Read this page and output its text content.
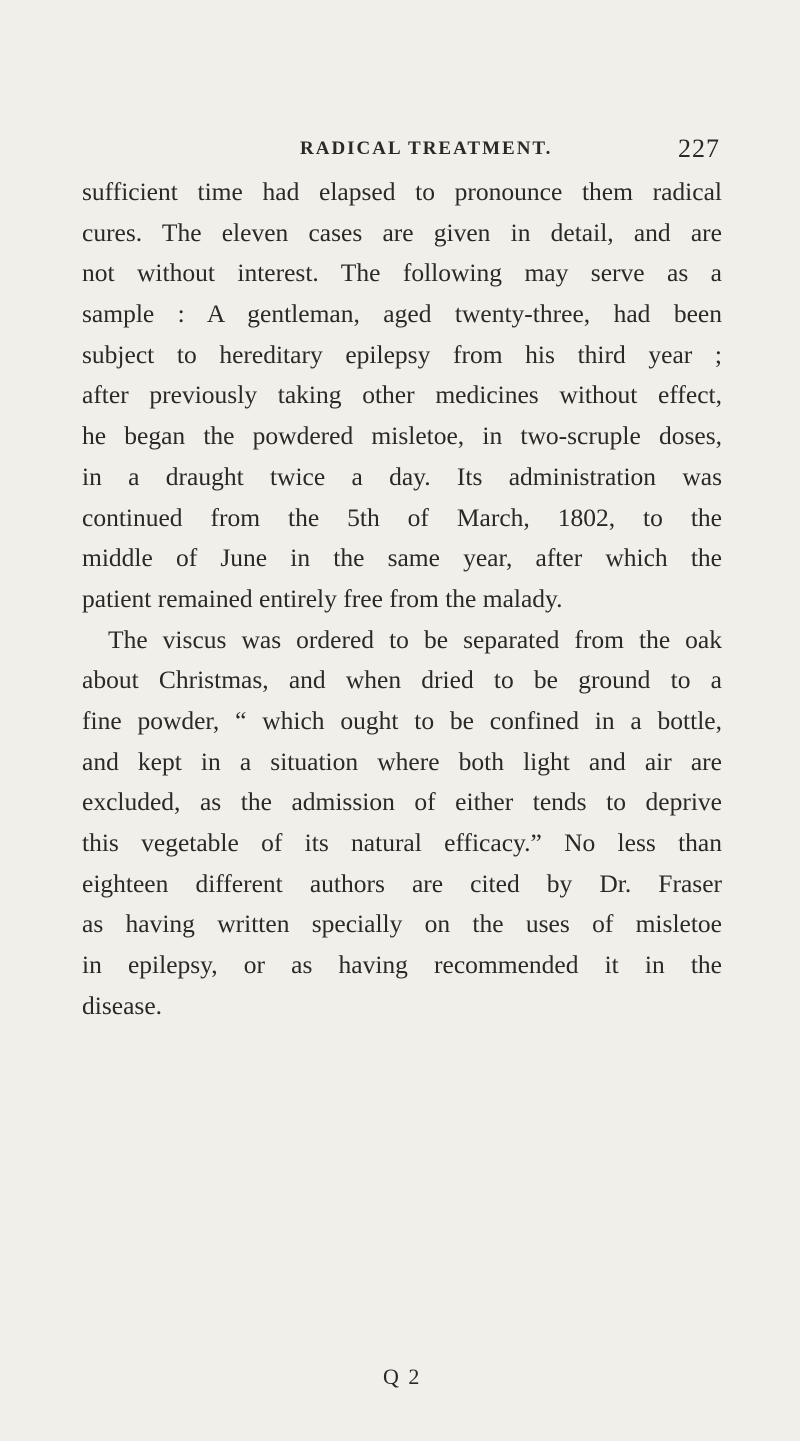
RADICAL TREATMENT.	227
sufficient time had elapsed to pronounce them radical
cures. The eleven cases are given in detail, and are
not without interest. The following may serve as a
sample : A gentleman, aged twenty-three, had been
subject to hereditary epilepsy from his third year ;
after previously taking other medicines without effect,
he began the powdered misletoe, in two-scruple doses,
in a draught twice a day. Its administration was
continued from the 5th of March, 1802, to the
middle of June in the same year, after which the
patient remained entirely free from the malady.
The viscus was ordered to be separated from the oak
about Christmas, and when dried to be ground to a
fine powder, “ which ought to be confined in a bottle,
and kept in a situation where both light and air are
excluded, as the admission of either tends to deprive
this vegetable of its natural efficacy.” No less than
eighteen different authors are cited by Dr. Fraser
as having written specially on the uses of misletoe
in epilepsy, or as having recommended it in the
disease.
Q 2
